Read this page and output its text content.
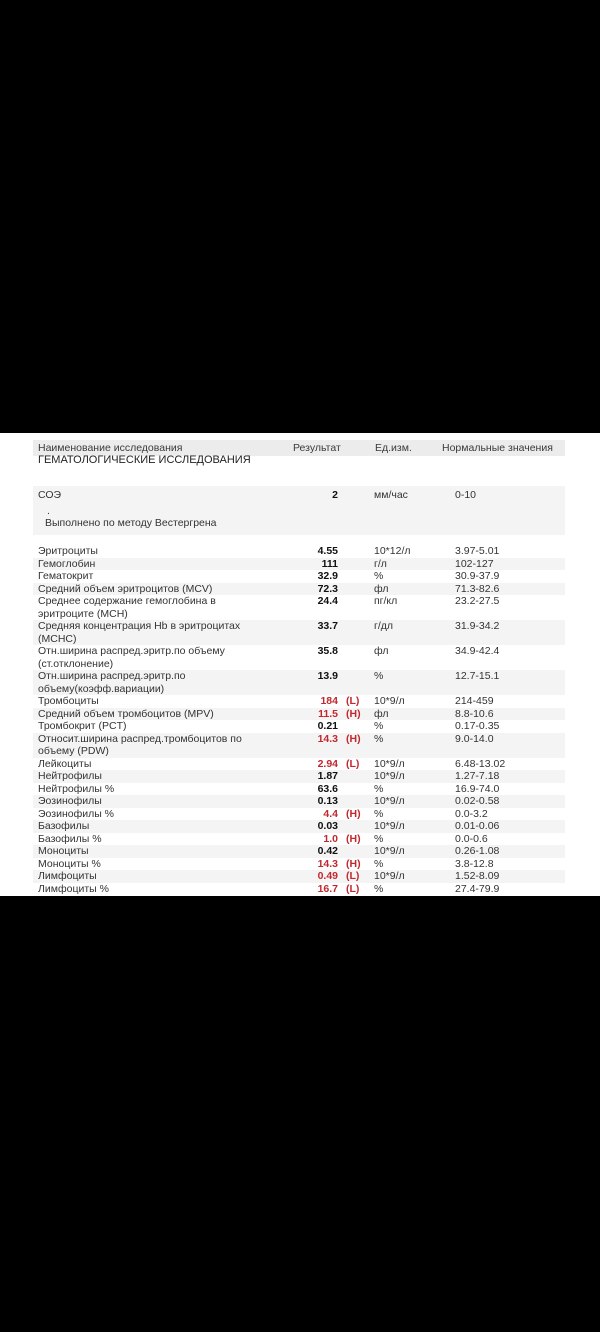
Наименование исследования	Результат	Ед.изм.	Нормальные значения
ГЕМАТОЛОГИЧЕСКИЕ ИССЛЕДОВАНИЯ
СОЭ	2	мм/час	0-10
.
Выполнено по методу Вестергрена
Эритроциты	4.55	10*12/л	3.97-5.01
Гемоглобин	111	г/л	102-127
Гематокрит	32.9	%	30.9-37.9
Средний объем эритроцитов (MCV)	72.3	фл	71.3-82.6
Среднее содержание гемоглобина в эритроците (MCH)
24.4	пг/кл	23.2-27.5
Средняя концентрация Hb в эритроцитах (MCHC)
33.7	г/дл	31.9-34.2
Отн.ширина распред.эритр.по объему (ст.отклонение)
35.8	фл	34.9-42.4
Отн.ширина распред.эритр.по объему(коэфф.вариации)
13.9	%	12.7-15.1
Тромбоциты	184 (L)	10*9/л	214-459
Средний объем тромбоцитов (MPV)	11.5 (H)	фл	8.8-10.6
Тромбокрит (PCT)	0.21	%	0.17-0.35
Относит.ширина распред.тромбоцитов по объему (PDW)
14.3 (H)	%	9.0-14.0
Лейкоциты	2.94 (L)	10*9/л	6.48-13.02
Нейтрофилы	1.87	10*9/л	1.27-7.18
Нейтрофилы %	63.6	%	16.9-74.0
Эозинофилы	0.13	10*9/л	0.02-0.58
Эозинофилы %	4.4 (H)	%	0.0-3.2
Базофилы	0.03	10*9/л	0.01-0.06
Базофилы %	1.0 (H)	%	0.0-0.6
Моноциты	0.42	10*9/л	0.26-1.08
Моноциты %	14.3 (H)	%	3.8-12.8
Лимфоциты	0.49 (L)	10*9/л	1.52-8.09
Лимфоциты %	16.7 (L)	%	27.4-79.9
